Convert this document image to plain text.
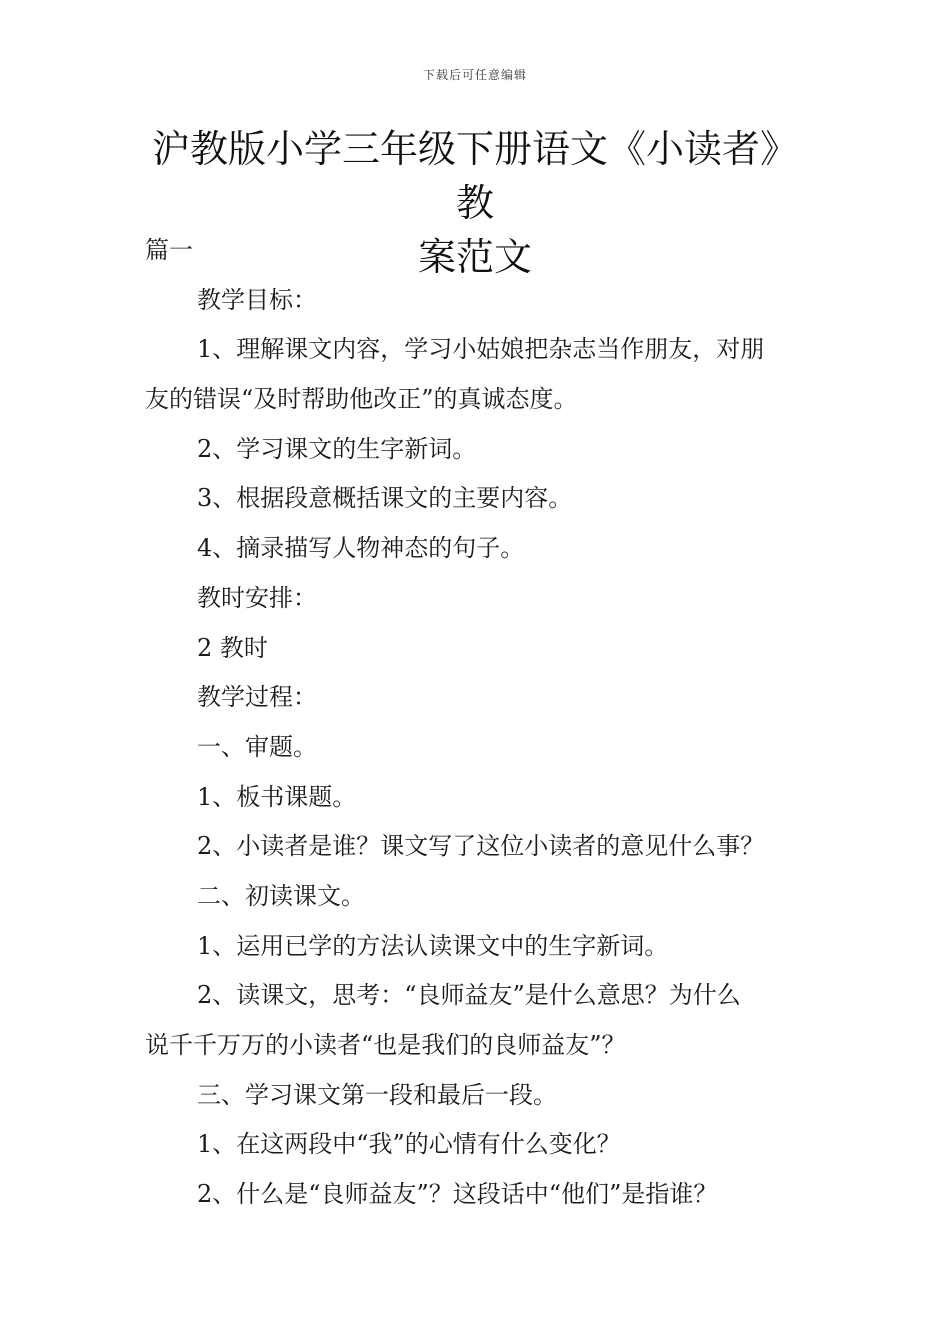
下载后可任意编辑
沪教版小学三年级下册语文《小读者》教
案范文
篇一
教学目标：
1、理解课文内容，学习小姑娘把杂志当作朋友，对朋
友的错误“及时帮助他改正”的真诚态度。
2、学习课文的生字新词。
3、根据段意概括课文的主要内容。
4、摘录描写人物神态的句子。
教时安排：
2 教时
教学过程：
一、审题。
1、板书课题。
2、小读者是谁？课文写了这位小读者的意见什么事？
二、初读课文。
1、运用已学的方法认读课文中的生字新词。
2、读课文，思考：“良师益友”是什么意思？为什么
说千千万万的小读者“也是我们的良师益友”？
三、学习课文第一段和最后一段。
1、在这两段中“我”的心情有什么变化？
2、什么是“良师益友”？这段话中“他们”是指谁？
